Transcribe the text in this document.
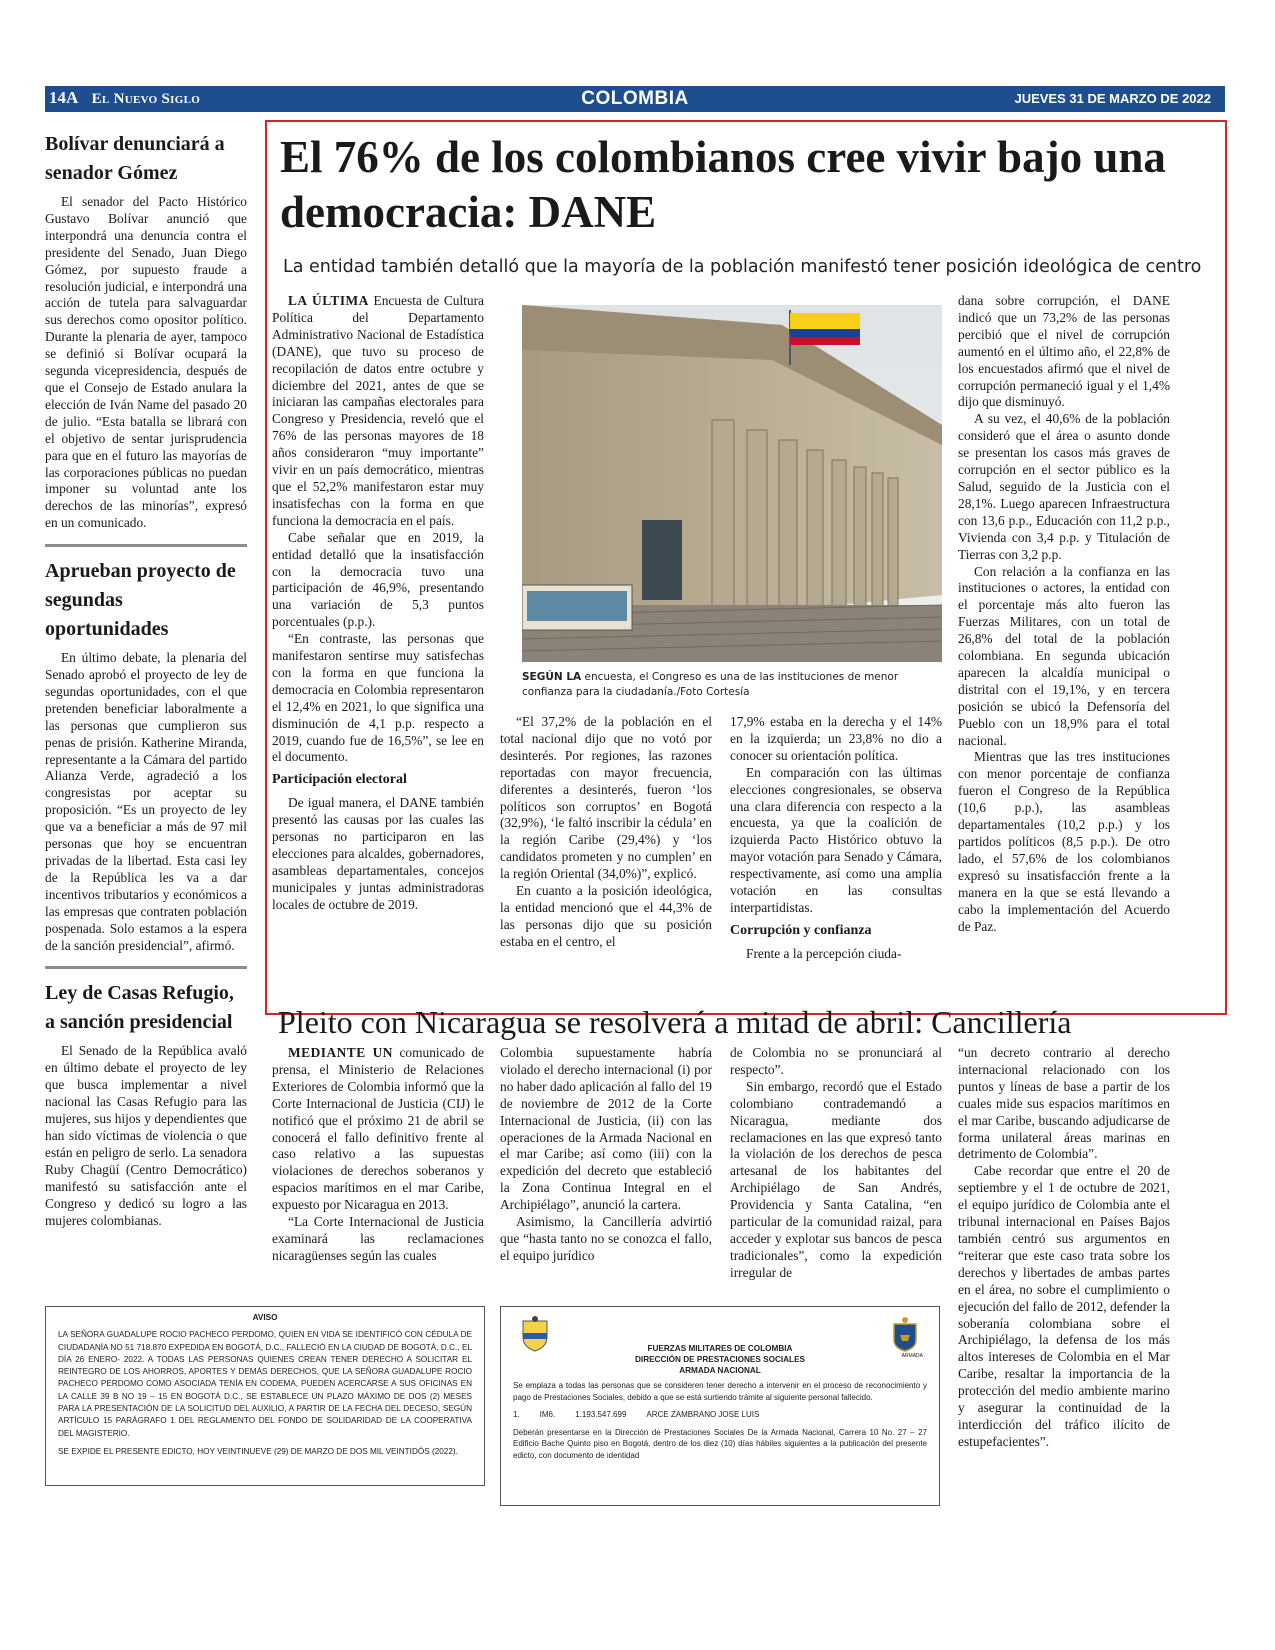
14A El Nuevo Siglo	COLOMBIA	JUEVES 31 DE MARZO DE 2022
Bolívar denunciará a senador Gómez
El senador del Pacto Histórico Gustavo Bolívar anunció que interpondrá una denuncia contra el presidente del Senado, Juan Diego Gómez, por supuesto fraude a resolución judicial, e interpondrá una acción de tutela para salvaguardar sus derechos como opositor político. Durante la plenaria de ayer, tampoco se definió si Bolívar ocupará la segunda vicepresidencia, después de que el Consejo de Estado anulara la elección de Iván Name del pasado 20 de julio. “Esta batalla se librará con el objetivo de sentar jurisprudencia para que en el futuro las mayorías de las corporaciones públicas no puedan imponer su voluntad ante los derechos de las minorías”, expresó en un comunicado.
Aprueban proyecto de segundas oportunidades
En último debate, la plenaria del Senado aprobó el proyecto de ley de segundas oportunidades, con el que pretenden beneficiar laboralmente a las personas que cumplieron sus penas de prisión. Katherine Miranda, representante a la Cámara del partido Alianza Verde, agradeció a los congresistas por aceptar su proposición. “Es un proyecto de ley que va a beneficiar a más de 97 mil personas que hoy se encuentran privadas de la libertad. Esta casi ley de la República les va a dar incentivos tributarios y económicos a las empresas que contraten población pospenada. Solo estamos a la espera de la sanción presidencial”, afirmó.
Ley de Casas Refugio, a sanción presidencial
El Senado de la República avaló en último debate el proyecto de ley que busca implementar a nivel nacional las Casas Refugio para las mujeres, sus hijos y dependientes que han sido víctimas de violencia o que están en peligro de serlo. La senadora Ruby Chagüí (Centro Democrático) manifestó su satisfacción ante el Congreso y dedicó su logro a las mujeres colombianas.
El 76% de los colombianos cree vivir bajo una democracia: DANE
La entidad también detalló que la mayoría de la población manifestó tener posición ideológica de centro

LA ÚLTIMA Encuesta de Cultura Política del Departamento Administrativo Nacional de Estadística (DANE), que tuvo su proceso de recopilación de datos entre octubre y diciembre del 2021, antes de que se iniciaran las campañas electorales para Congreso y Presidencia, reveló que el 76% de las personas mayores de 18 años consideraron “muy importante” vivir en un país democrático, mientras que el 52,2% manifestaron estar muy insatisfechas con la forma en que funciona la democracia en el país.

Cabe señalar que en 2019, la entidad detalló que la insatisfacción con la democracia tuvo una participación de 46,9%, presentando una variación de 5,3 puntos porcentuales (p.p.).

“En contraste, las personas que manifestaron sentirse muy satisfechas con la forma en que funciona la democracia en Colombia representaron el 12,4% en 2021, lo que significa una disminución de 4,1 p.p. respecto a 2019, cuando fue de 16,5%”, se lee en el documento.

Participación electoral

De igual manera, el DANE también presentó las causas por las cuales las personas no participaron en las elecciones para alcaldes, gobernadores, asambleas departamentales, concejos municipales y juntas administradoras locales de octubre de 2019.

SEGÚN LA encuesta, el Congreso es una de las instituciones de menor confianza para la ciudadanía./Foto Cortesía

“El 37,2% de la población en el total nacional dijo que no votó por desinterés. Por regiones, las razones reportadas con mayor frecuencia, diferentes a desinterés, fueron ‘los políticos son corruptos’ en Bogotá (32,9%), ‘le faltó inscribir la cédula’ en la región Caribe (29,4%) y ‘los candidatos prometen y no cumplen’ en la región Oriental (34,0%)”, explicó.

En cuanto a la posición ideológica, la entidad mencionó que el 44,3% de las personas dijo que su posición estaba en el centro, el

17,9% estaba en la derecha y el 14% en la izquierda; un 23,8% no dio a conocer su orientación política.

En comparación con las últimas elecciones congresionales, se observa una clara diferencia con respecto a la encuesta, ya que la coalición de izquierda Pacto Histórico obtuvo la mayor votación para Senado y Cámara, respectivamente, así como una amplia votación en las consultas interpartidistas.

Corrupción y confianza

Frente a la percepción ciuda-

dana sobre corrupción, el DANE indicó que un 73,2% de las personas percibió que el nivel de corrupción aumentó en el último año, el 22,8% de los encuestados afirmó que el nivel de corrupción permaneció igual y el 1,4% dijo que disminuyó.

A su vez, el 40,6% de la población consideró que el área o asunto donde se presentan los casos más graves de corrupción en el sector público es la Salud, seguido de la Justicia con el 28,1%. Luego aparecen Infraestructura con 13,6 p.p., Educación con 11,2 p.p., Vivienda con 3,4 p.p. y Titulación de Tierras con 3,2 p.p.

Con relación a la confianza en las instituciones o actores, la entidad con el porcentaje más alto fueron las Fuerzas Militares, con un total de 26,8% del total de la población colombiana. En segunda ubicación aparecen la alcaldía municipal o distrital con el 19,1%, y en tercera posición se ubicó la Defensoría del Pueblo con un 18,9% para el total nacional.

Mientras que las tres instituciones con menor porcentaje de confianza fueron el Congreso de la República (10,6 p.p.), las asambleas departamentales (10,2 p.p.) y los partidos políticos (8,5 p.p.). De otro lado, el 57,6% de los colombianos expresó su insatisfacción frente a la manera en la que se está llevando a cabo la implementación del Acuerdo de Paz.

Pleito con Nicaragua se resolverá a mitad de abril: Cancillería

MEDIANTE UN comunicado de prensa, el Ministerio de Relaciones Exteriores de Colombia informó que la Corte Internacional de Justicia (CIJ) le notificó que el próximo 21 de abril se conocerá el fallo definitivo frente al caso relativo a las supuestas violaciones de derechos soberanos y espacios marítimos en el mar Caribe, expuesto por Nicaragua en 2013.

“La Corte Internacional de Justicia examinará las reclamaciones nicaragüenses según las cuales

Colombia supuestamente habría violado el derecho internacional (i) por no haber dado aplicación al fallo del 19 de noviembre de 2012 de la Corte Internacional de Justicia, (ii) con las operaciones de la Armada Nacional en el mar Caribe; así como (iii) con la expedición del decreto que estableció la Zona Continua Integral en el Archipiélago”, anunció la cartera.

Asimismo, la Cancillería advirtió que “hasta tanto no se conozca el fallo, el equipo jurídico

de Colombia no se pronunciará al respecto”.

Sin embargo, recordó que el Estado colombiano contrademandó a Nicaragua, mediante dos reclamaciones en las que expresó tanto la violación de los derechos de pesca artesanal de los habitantes del Archipiélago de San Andrés, Providencia y Santa Catalina, “en particular de la comunidad raizal, para acceder y explotar sus bancos de pesca tradicionales”, como la expedición irregular de

“un decreto contrario al derecho internacional relacionado con los puntos y líneas de base a partir de los cuales mide sus espacios marítimos en el mar Caribe, buscando adjudicarse de forma unilateral áreas marinas en detrimento de Colombia”.

Cabe recordar que entre el 20 de septiembre y el 1 de octubre de 2021, el equipo jurídico de Colombia ante el tribunal internacional en Países Bajos también centró sus argumentos en “reiterar que este caso trata sobre los derechos y libertades de ambas partes en el área, no sobre el cumplimiento o ejecución del fallo de 2012, defender la soberanía colombiana sobre el Archipiélago, la defensa de los más altos intereses de Colombia en el Mar Caribe, resaltar la importancia de la protección del medio ambiente marino y asegurar la continuidad de la interdicción del tráfico ilícito de estupefacientes”.

AVISO

LA SEÑORA GUADALUPE ROCIO PACHECO PERDOMO, QUIEN EN VIDA SE IDENTIFICÓ CON CÉDULA DE CIUDADANÍA NO 51 718.870 EXPEDIDA EN BOGOTÁ, D.C., FALLECIÓ EN LA CIUDAD DE BOGOTÁ, D.C., EL DÍA 26 ENERO- 2022. A TODAS LAS PERSONAS QUIENES CREAN TENER DERECHO A SOLICITAR EL REINTEGRO DE LOS AHORROS, APORTES Y DEMÁS DERECHOS, QUE LA SEÑORA GUADALUPE ROCIO PACHECO PERDOMO COMO ASOCIADA TENÍA EN CODEMA, PUEDEN ACERCARSE A SUS OFICINAS EN LA CALLE 39 B NO 19 – 15 EN BOGOTÁ D.C., SE ESTABLECE UN PLAZO MÁXIMO DE DOS (2) MESES PARA LA PRESENTACIÓN DE LA SOLICITUD DEL AUXILIO, A PARTIR DE LA FECHA DEL DECESO, SEGÚN ARTÍCULO 15 PARÁGRAFO 1 DEL REGLAMENTO DEL FONDO DE SOLIDARIDAD DE LA COOPERATIVA DEL MAGISTERIO.

SE EXPIDE EL PRESENTE EDICTO, HOY VEINTINUEVE (29) DE MARZO DE DOS MIL VEINTIDÓS (2022).

ARMADA
FUERZAS MILITARES DE COLOMBIA
DIRECCIÓN DE PRESTACIONES SOCIALES
ARMADA NACIONAL

Se emplaza a todas las personas que se consideren tener derecho a intervenir en el proceso de reconocimiento y pago de Prestaciones Sociales, debido a que se está surtiendo trámite al siguiente personal fallecido.

1.	IM6.	1.193.547.699	ARCE ZAMBRANO JOSE LUIS

Deberán presentarse en la Dirección de Prestaciones Sociales De la Armada Nacional, Carrera 10 No. 27 – 27 Edificio Bache Quinto piso en Bogotá, dentro de los diez (10) días hábiles siguientes a la publicación del presente edicto, con documento de identidad
